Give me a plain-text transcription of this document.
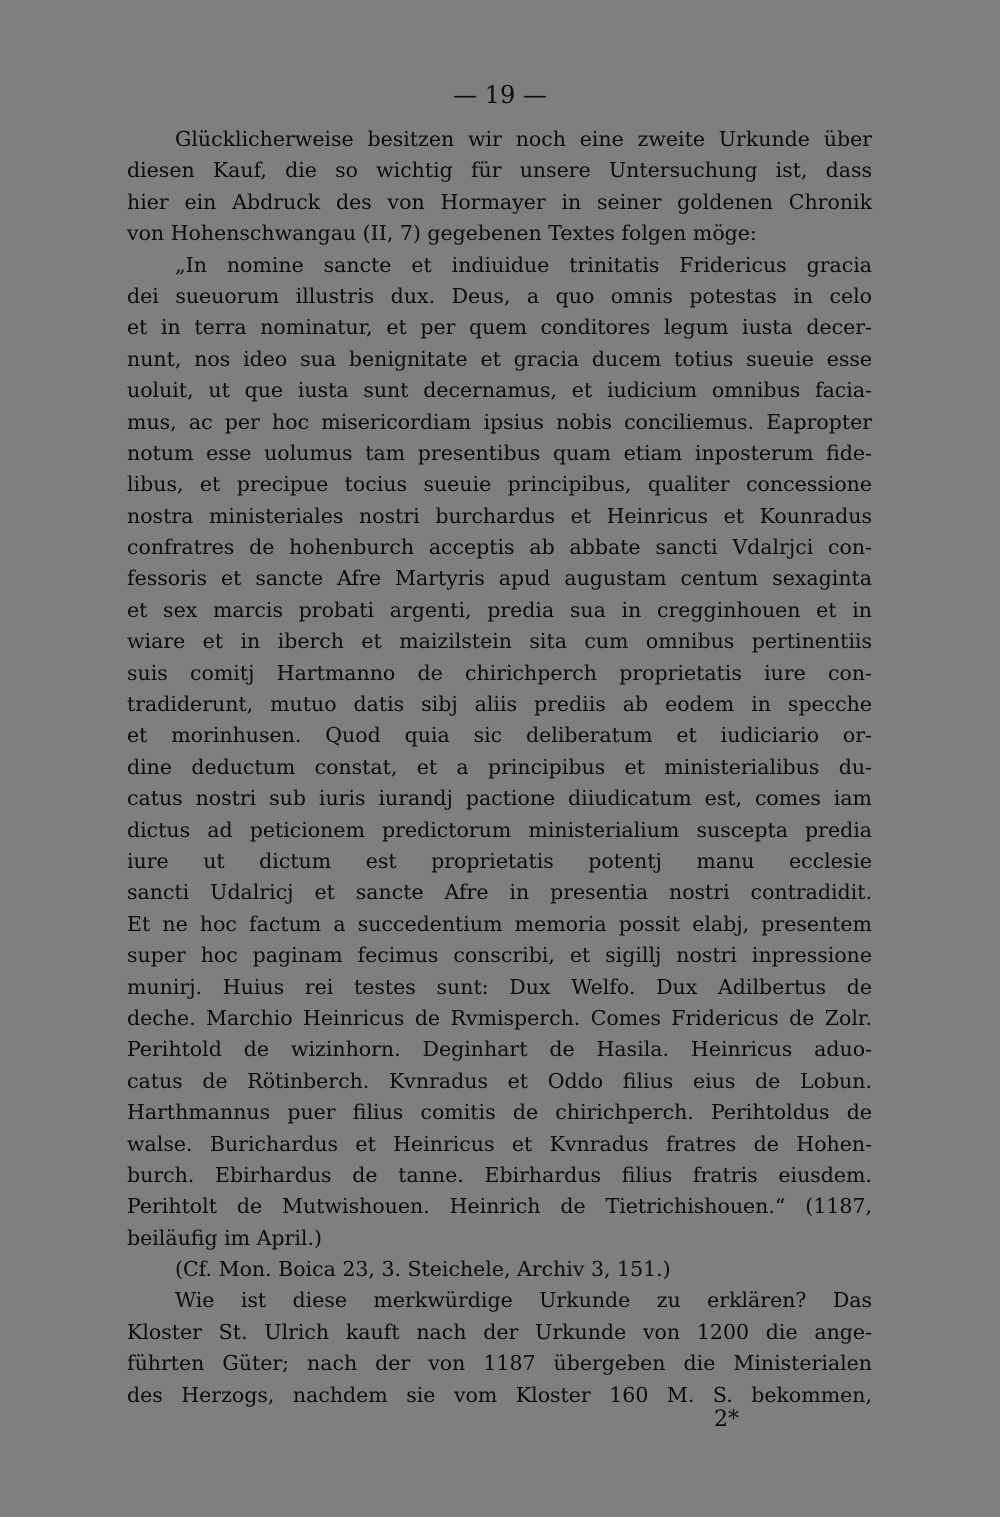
— 19 —
Glücklicherweise besitzen wir noch eine zweite Urkunde über
diesen Kauf, die so wichtig für unsere Untersuchung ist, dass
hier ein Abdruck des von Hormayer in seiner goldenen Chronik
von Hohenschwangau (II, 7) gegebenen Textes folgen möge:
„In nomine sancte et indiuidue trinitatis Fridericus gracia
dei sueuorum illustris dux. Deus, a quo omnis potestas in celo
et in terra nominatur, et per quem conditores legum iusta decer-
nunt, nos ideo sua benignitate et gracia ducem totius sueuie esse
uoluit, ut que iusta sunt decernamus, et iudicium omnibus facia-
mus, ac per hoc misericordiam ipsius nobis conciliemus. Eapropter
notum esse uolumus tam presentibus quam etiam inposterum fide-
libus, et precipue tocius sueuie principibus, qualiter concessione
nostra ministeriales nostri burchardus et Heinricus et Kounradus
confratres de hohenburch acceptis ab abbate sancti Vdalrjci con-
fessoris et sancte Afre Martyris apud augustam centum sexaginta
et sex marcis probati argenti, predia sua in cregginhouen et in
wiare et in iberch et maizilstein sita cum omnibus pertinentiis
suis comitj Hartmanno de chirichperch proprietatis iure con-
tradiderunt, mutuo datis sibj aliis prediis ab eodem in specche
et morinhusen. Quod quia sic deliberatum et iudiciario or-
dine deductum constat, et a principibus et ministerialibus du-
catus nostri sub iuris iurandj pactione diiudicatum est, comes iam
dictus ad peticionem predictorum ministerialium suscepta predia
iure ut dictum est proprietatis potentj manu ecclesie
sancti Udalricj et sancte Afre in presentia nostri contradidit.
Et ne hoc factum a succedentium memoria possit elabj, presentem
super hoc paginam fecimus conscribi, et sigillj nostri inpressione
munirj. Huius rei testes sunt: Dux Welfo. Dux Adilbertus de
deche. Marchio Heinricus de Rvmisperch. Comes Fridericus de Zolr.
Perihtold de wizinhorn. Deginhart de Hasila. Heinricus aduo-
catus de Rötinberch. Kvnradus et Oddo filius eius de Lobun.
Harthmannus puer filius comitis de chirichperch. Perihtoldus de
walse. Burichardus et Heinricus et Kvnradus fratres de Hohen-
burch. Ebirhardus de tanne. Ebirhardus filius fratris eiusdem.
Perihtolt de Mutwishouen. Heinrich de Tietrichishouen.“ (1187,
beiläufig im April.)
(Cf. Mon. Boica 23, 3. Steichele, Archiv 3, 151.)
Wie ist diese merkwürdige Urkunde zu erklären? Das
Kloster St. Ulrich kauft nach der Urkunde von 1200 die ange-
führten Güter; nach der von 1187 übergeben die Ministerialen
des Herzogs, nachdem sie vom Kloster 160 M. S. bekommen,
2*
